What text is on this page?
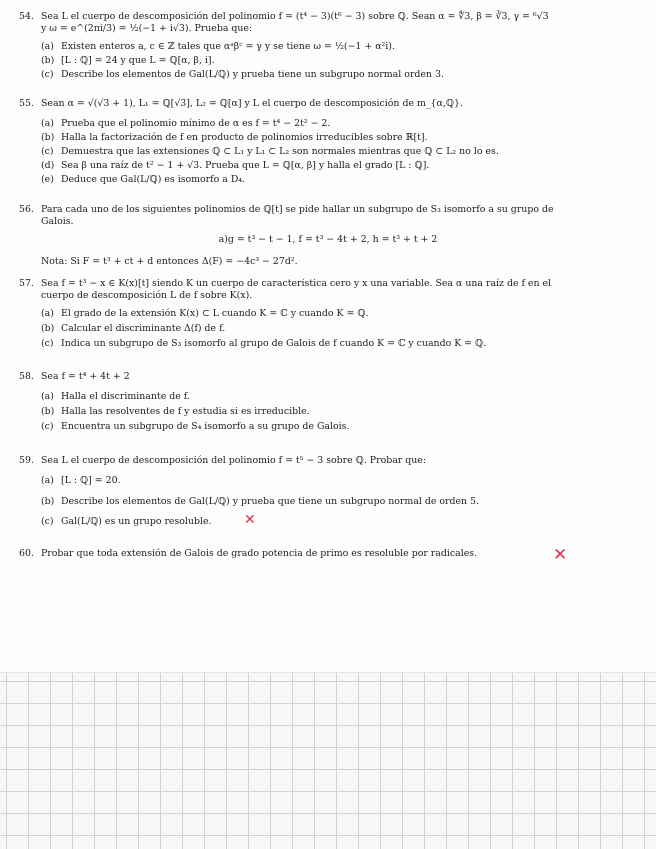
54. Sea L el cuerpo de descomposición del polinomio f = (t⁴ − 3)(t⁶ − 3) sobre ℚ. Sean α = ∜3, β = ∛3, γ = ⁶√3
y ω = e^(2πi/3) = ½(−1 + i√3). Prueba que:
(a) Existen enteros a, c ∈ ℤ tales que αᵃβᶜ = γ y se tiene ω = ½(−1 + α²i).
(b) [L : ℚ] = 24 y que L = ℚ[α, β, i].
(c) Describe los elementos de Gal(L/ℚ) y prueba tiene un subgrupo normal orden 3.
55. Sean α = √(√3 + 1), L₁ = ℚ[√3], L₂ = ℚ[α] y L el cuerpo de descomposición de m_{α,ℚ}.
(a) Prueba que el polinomio mínimo de α es f = t⁴ − 2t² − 2.
(b) Halla la factorización de f en producto de polinomios irreducibles sobre ℝ[t].
(c) Demuestra que las extensiones ℚ ⊂ L₁ y L₁ ⊂ L₂ son normales mientras que ℚ ⊂ L₂ no lo es.
(d) Sea β una raíz de t² − 1 + √3. Prueba que L = ℚ[α, β] y halla el grado [L : ℚ].
(e) Deduce que Gal(L/ℚ) es isomorfo a D₄.
56. Para cada uno de los siguientes polinomios de ℚ[t] se pide hallar un subgrupo de S₃ isomorfo a su grupo de
Galois.
a)g = t³ − t − 1, f = t³ − 4t + 2, h = t³ + t + 2
Nota: Si F = t³ + ct + d entonces Δ(F) = −4c³ − 27d².
57. Sea f = t³ − x ∈ K(x)[t] siendo K un cuerpo de característica cero y x una variable. Sea α una raíz de f en el
cuerpo de descomposición L de f sobre K(x).
(a) El grado de la extensión K(x) ⊂ L cuando K = ℂ y cuando K = ℚ.
(b) Calcular el discriminante Δ(f) de f.
(c) Indica un subgrupo de S₃ isomorfo al grupo de Galois de f cuando K = ℂ y cuando K = ℚ.
58. Sea f = t⁴ + 4t + 2
(a) Halla el discriminante de f.
(b) Halla las resolventes de f y estudia si es irreducible.
(c) Encuentra un subgrupo de S₄ isomorfo a su grupo de Galois.
59. Sea L el cuerpo de descomposición del polinomio f = t⁵ − 3 sobre ℚ. Probar que:
(a) [L : ℚ] = 20.
(b) Describe los elementos de Gal(L/ℚ) y prueba que tiene un subgrupo normal de orden 5.
(c) Gal(L/ℚ) es un grupo resoluble. ✕
60. Probar que toda extensión de Galois de grado potencia de primo es resoluble por radicales.	✕
